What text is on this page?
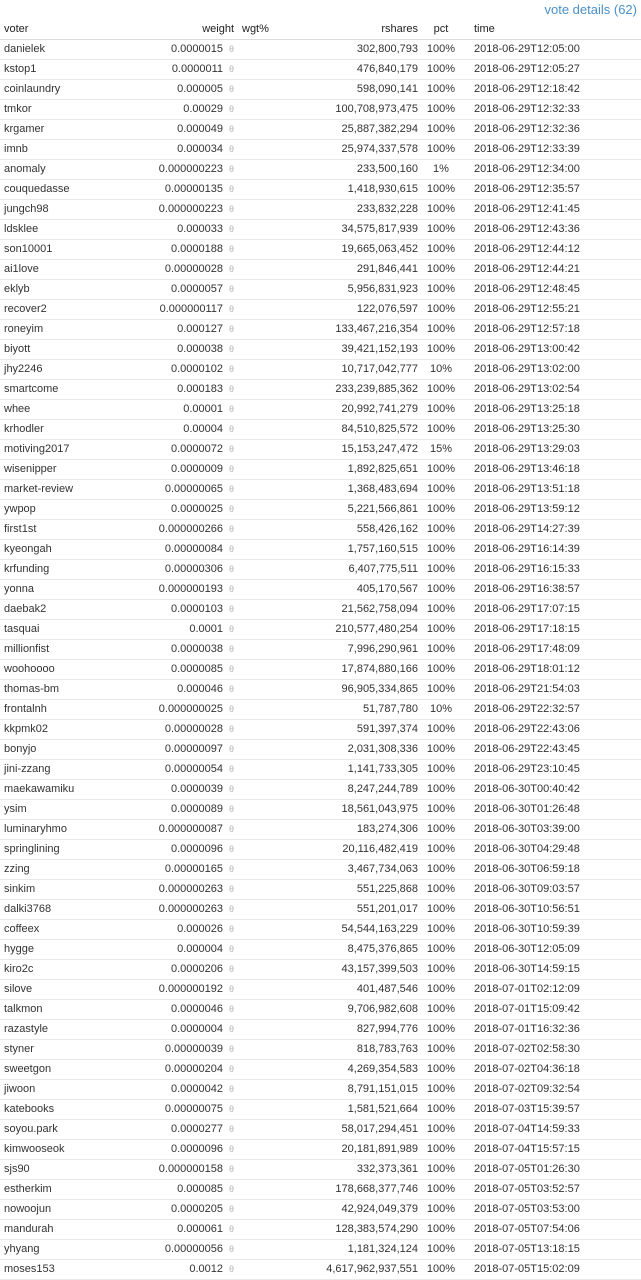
vote details (62)
voter	weight	wgt%	rshares	pct	time
danielek	0.0000015 θ		302,800,793	100%	2018-06-29T12:05:00
kstop1	0.0000011 θ		476,840,179	100%	2018-06-29T12:05:27
coinlaundry	0.000005 θ		598,090,141	100%	2018-06-29T12:18:42
tmkor	0.00029 θ		100,708,973,475	100%	2018-06-29T12:32:33
krgamer	0.000049 θ		25,887,382,294	100%	2018-06-29T12:32:36
imnb	0.000034 θ		25,974,337,578	100%	2018-06-29T12:33:39
anomaly	0.000000223 θ		233,500,160	1%	2018-06-29T12:34:00
couquedasse	0.00000135 θ		1,418,930,615	100%	2018-06-29T12:35:57
jungch98	0.000000223 θ		233,832,228	100%	2018-06-29T12:41:45
ldsklee	0.000033 θ		34,575,817,939	100%	2018-06-29T12:43:36
son10001	0.0000188 θ		19,665,063,452	100%	2018-06-29T12:44:12
ai1love	0.00000028 θ		291,846,441	100%	2018-06-29T12:44:21
eklyb	0.0000057 θ		5,956,831,923	100%	2018-06-29T12:48:45
recover2	0.000000117 θ		122,076,597	100%	2018-06-29T12:55:21
roneyim	0.000127 θ		133,467,216,354	100%	2018-06-29T12:57:18
biyott	0.000038 θ		39,421,152,193	100%	2018-06-29T13:00:42
jhy2246	0.0000102 θ		10,717,042,777	10%	2018-06-29T13:02:00
smartcome	0.000183 θ		233,239,885,362	100%	2018-06-29T13:02:54
whee	0.00001 θ		20,992,741,279	100%	2018-06-29T13:25:18
krhodler	0.00004 θ		84,510,825,572	100%	2018-06-29T13:25:30
motiving2017	0.0000072 θ		15,153,247,472	15%	2018-06-29T13:29:03
wisenipper	0.0000009 θ		1,892,825,651	100%	2018-06-29T13:46:18
market-review	0.00000065 θ		1,368,483,694	100%	2018-06-29T13:51:18
ywpop	0.0000025 θ		5,221,566,861	100%	2018-06-29T13:59:12
first1st	0.000000266 θ		558,426,162	100%	2018-06-29T14:27:39
kyeongah	0.00000084 θ		1,757,160,515	100%	2018-06-29T16:14:39
krfunding	0.00000306 θ		6,407,775,511	100%	2018-06-29T16:15:33
yonna	0.000000193 θ		405,170,567	100%	2018-06-29T16:38:57
daebak2	0.0000103 θ		21,562,758,094	100%	2018-06-29T17:07:15
tasquai	0.0001 θ		210,577,480,254	100%	2018-06-29T17:18:15
millionfist	0.0000038 θ		7,996,290,961	100%	2018-06-29T17:48:09
woohoooo	0.0000085 θ		17,874,880,166	100%	2018-06-29T18:01:12
thomas-bm	0.000046 θ		96,905,334,865	100%	2018-06-29T21:54:03
frontalnh	0.000000025 θ		51,787,780	10%	2018-06-29T22:32:57
kkpmk02	0.00000028 θ		591,397,374	100%	2018-06-29T22:43:06
bonyjo	0.00000097 θ		2,031,308,336	100%	2018-06-29T22:43:45
jini-zzang	0.00000054 θ		1,141,733,305	100%	2018-06-29T23:10:45
maekawamiku	0.0000039 θ		8,247,244,789	100%	2018-06-30T00:40:42
ysim	0.0000089 θ		18,561,043,975	100%	2018-06-30T01:26:48
luminaryhmo	0.000000087 θ		183,274,306	100%	2018-06-30T03:39:00
springlining	0.0000096 θ		20,116,482,419	100%	2018-06-30T04:29:48
zzing	0.00000165 θ		3,467,734,063	100%	2018-06-30T06:59:18
sinkim	0.000000263 θ		551,225,868	100%	2018-06-30T09:03:57
dalki3768	0.000000263 θ		551,201,017	100%	2018-06-30T10:56:51
coffeex	0.000026 θ		54,544,163,229	100%	2018-06-30T10:59:39
hygge	0.000004 θ		8,475,376,865	100%	2018-06-30T12:05:09
kiro2c	0.0000206 θ		43,157,399,503	100%	2018-06-30T14:59:15
silove	0.000000192 θ		401,487,546	100%	2018-07-01T02:12:09
talkmon	0.0000046 θ		9,706,982,608	100%	2018-07-01T15:09:42
razastyle	0.0000004 θ		827,994,776	100%	2018-07-01T16:32:36
styner	0.00000039 θ		818,783,763	100%	2018-07-02T02:58:30
sweetgon	0.00000204 θ		4,269,354,583	100%	2018-07-02T04:36:18
jiwoon	0.0000042 θ		8,791,151,015	100%	2018-07-02T09:32:54
katebooks	0.00000075 θ		1,581,521,664	100%	2018-07-03T15:39:57
soyou.park	0.0000277 θ		58,017,294,451	100%	2018-07-04T14:59:33
kimwooseok	0.0000096 θ		20,181,891,989	100%	2018-07-04T15:57:15
sjs90	0.000000158 θ		332,373,361	100%	2018-07-05T01:26:30
estherkim	0.000085 θ		178,668,377,746	100%	2018-07-05T03:52:57
nowoojun	0.0000205 θ		42,924,049,379	100%	2018-07-05T03:53:00
mandurah	0.000061 θ		128,383,574,290	100%	2018-07-05T07:54:06
yhyang	0.00000056 θ		1,181,324,124	100%	2018-07-05T13:18:15
moses153	0.0012 θ		4,617,962,937,551	100%	2018-07-05T15:02:09
